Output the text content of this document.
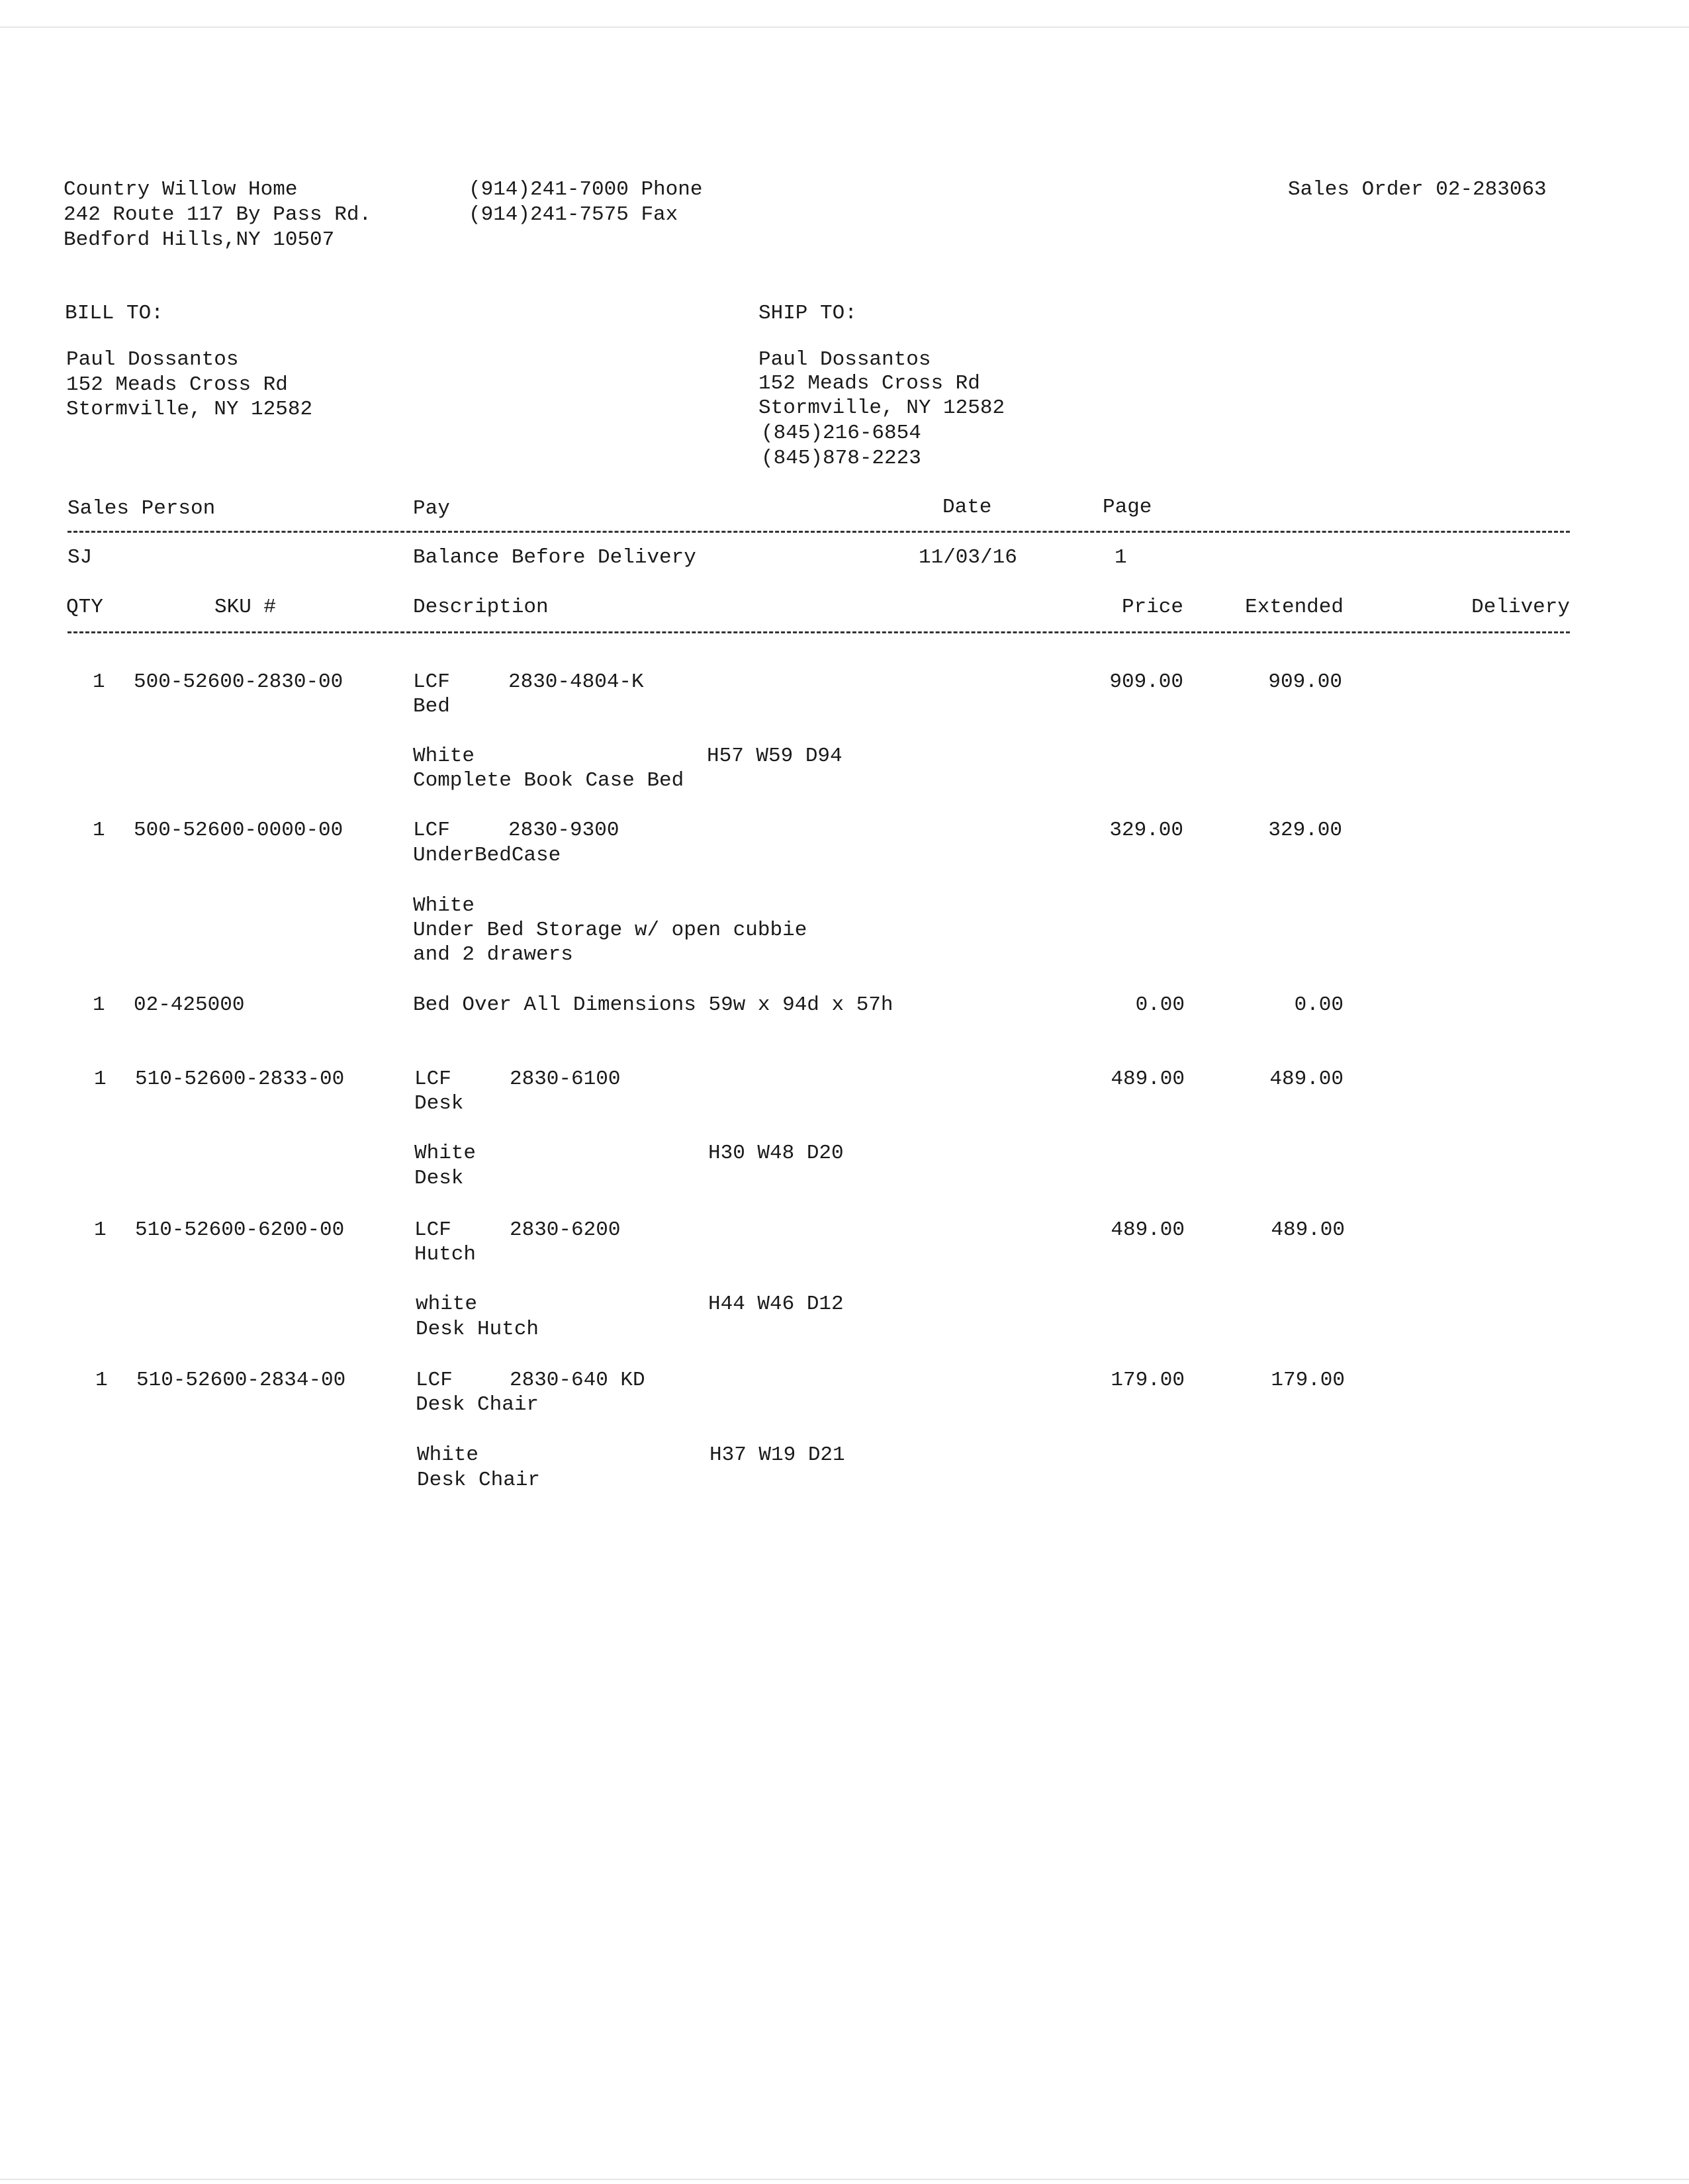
Country Willow Home
242 Route 117 By Pass Rd.
Bedford Hills,NY 10507
(914)241-7000 Phone
(914)241-7575 Fax
Sales Order 02-283063
BILL TO:
Paul Dossantos
152 Meads Cross Rd
Stormville, NY 12582
SHIP TO:
Paul Dossantos
152 Meads Cross Rd
Stormville, NY 12582
(845)216-6854
(845)878-2223
Sales Person	Pay	Date	Page
SJ	Balance Before Delivery	11/03/16	1
QTY	SKU #	Description	Price	Extended	Delivery
1 500-52600-2830-00	LCF	2830-4804-K	909.00	909.00
Bed
White	H57 W59 D94
Complete Book Case Bed
1 500-52600-0000-00	LCF	2830-9300	329.00	329.00
UnderBedCase
White
Under Bed Storage w/ open cubbie
and 2 drawers
1 02-425000	Bed Over All Dimensions 59w x 94d x 57h	0.00	0.00
1 510-52600-2833-00	LCF	2830-6100	489.00	489.00
Desk
White	H30 W48 D20
Desk
1 510-52600-6200-00	LCF	2830-6200	489.00	489.00
Hutch
white	H44 W46 D12
Desk Hutch
1 510-52600-2834-00	LCF	2830-640 KD	179.00	179.00
Desk Chair
White	H37 W19 D21
Desk Chair
